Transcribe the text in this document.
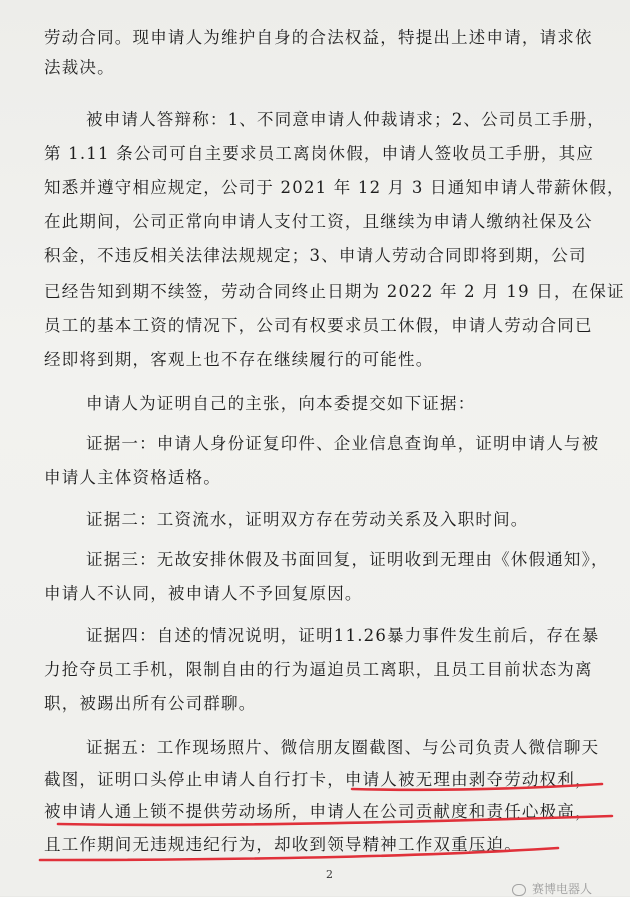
劳动合同。现申请人为维护自身的合法权益，特提出上述申请，请求依
法裁决。
被申请人答辩称：1、不同意申请人仲裁请求；2、公司员工手册，
第 1.11 条公司可自主要求员工离岗休假，申请人签收员工手册，其应
知悉并遵守相应规定，公司于 2021 年 12 月 3 日通知申请人带薪休假，
在此期间，公司正常向申请人支付工资，且继续为申请人缴纳社保及公
积金，不违反相关法律法规规定；3、申请人劳动合同即将到期，公司
已经告知到期不续签，劳动合同终止日期为 2022 年 2 月 19 日，在保证
员工的基本工资的情况下，公司有权要求员工休假，申请人劳动合同已
经即将到期，客观上也不存在继续履行的可能性。
申请人为证明自己的主张，向本委提交如下证据：
证据一：申请人身份证复印件、企业信息查询单，证明申请人与被
申请人主体资格适格。
证据二：工资流水，证明双方存在劳动关系及入职时间。
证据三：无故安排休假及书面回复，证明收到无理由《休假通知》，
申请人不认同，被申请人不予回复原因。
证据四：自述的情况说明，证明11.26暴力事件发生前后，存在暴
力抢夺员工手机，限制自由的行为逼迫员工离职，且员工目前状态为离
职，被踢出所有公司群聊。
证据五：工作现场照片、微信朋友圈截图、与公司负责人微信聊天
截图，证明口头停止申请人自行打卡，申请人被无理由剥夺劳动权利，
被申请人通上锁不提供劳动场所，申请人在公司贡献度和责任心极高，
且工作期间无违规违纪行为，却收到领导精神工作双重压迫。
2
赛博电器人
